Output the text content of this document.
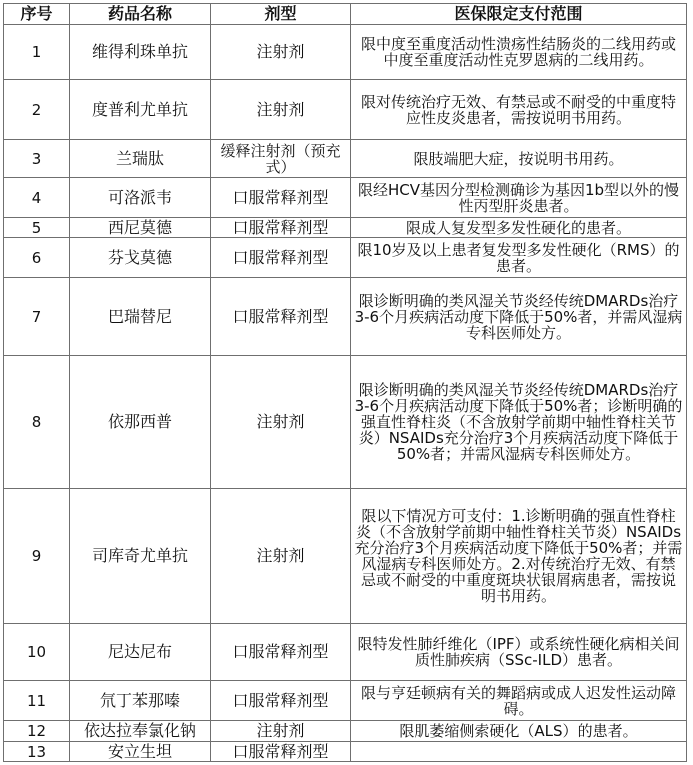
序号	药品名称	剂型	医保限定支付范围
1	维得利珠单抗	注射剂	限中度至重度活动性溃疡性结肠炎的二线用药或中度至重度活动性克罗恩病的二线用药。
2	度普利尤单抗	注射剂	限对传统治疗无效、有禁忌或不耐受的中重度特应性皮炎患者，需按说明书用药。
3	兰瑞肽	缓释注射剂（预充式）	限肢端肥大症，按说明书用药。
4	可洛派韦	口服常释剂型	限经HCV基因分型检测确诊为基因1b型以外的慢性丙型肝炎患者。
5	西尼莫德	口服常释剂型	限成人复发型多发性硬化的患者。
6	芬戈莫德	口服常释剂型	限10岁及以上患者复发型多发性硬化（RMS）的患者。
7	巴瑞替尼	口服常释剂型	限诊断明确的类风湿关节炎经传统DMARDs治疗3-6个月疾病活动度下降低于50%者，并需风湿病专科医师处方。
8	依那西普	注射剂	限诊断明确的类风湿关节炎经传统DMARDs治疗3-6个月疾病活动度下降低于50%者；诊断明确的强直性脊柱炎（不含放射学前期中轴性脊柱关节炎）NSAIDs充分治疗3个月疾病活动度下降低于50%者；并需风湿病专科医师处方。
9	司库奇尤单抗	注射剂	限以下情况方可支付：1.诊断明确的强直性脊柱炎（不含放射学前期中轴性脊柱关节炎）NSAIDs充分治疗3个月疾病活动度下降低于50%者；并需风湿病专科医师处方。2.对传统治疗无效、有禁忌或不耐受的中重度斑块状银屑病患者，需按说明书用药。
10	尼达尼布	口服常释剂型	限特发性肺纤维化（IPF）或系统性硬化病相关间质性肺疾病（SSc-ILD）患者。
11	氘丁苯那嗪	口服常释剂型	限与亨廷顿病有关的舞蹈病或成人迟发性运动障碍。
12	依达拉奉氯化钠	注射剂	限肌萎缩侧索硬化（ALS）的患者。
13	安立生坦	口服常释剂型	
